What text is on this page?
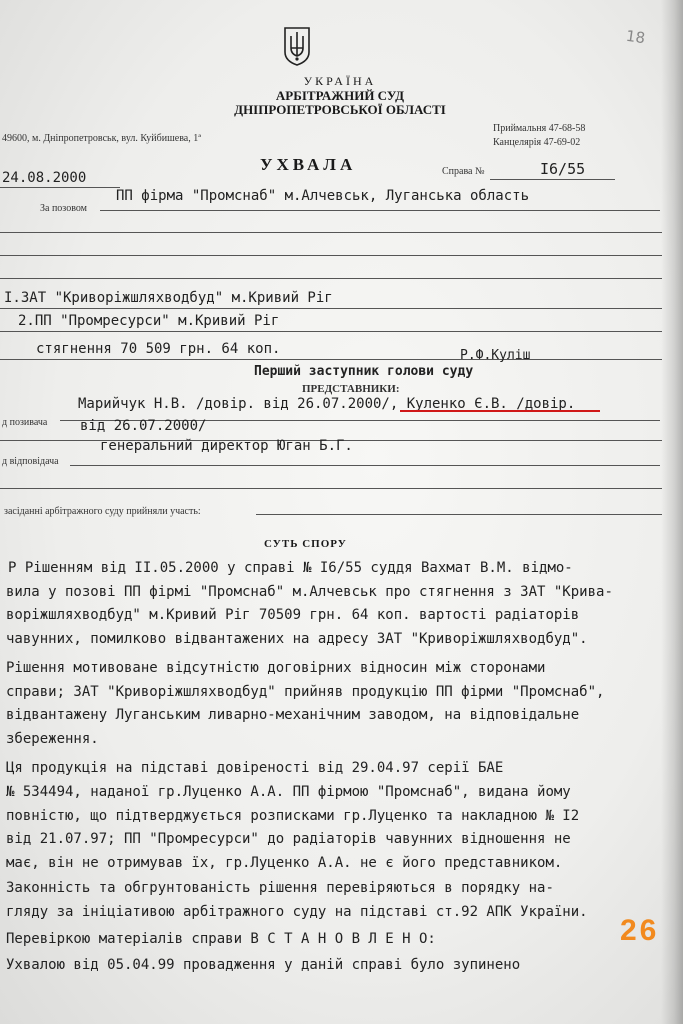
18
УКРАЇНА
АРБІТРАЖНИЙ СУД
ДНІПРОПЕТРОВСЬКОЇ ОБЛАСТІ
49600, м. Дніпропетровськ, вул. Куйбишева, 1ª
Приймальня 47-68-58
Канцелярія 47-69-02
УХВАЛА
24.08.2000	Справа №	I6/55
За позовом
ПП фірма "Промснаб" м.Алчевськ, Луганська область
I.ЗАТ "Криворіжшляхводбуд" м.Кривий Ріг
2.ПП "Промресурси" м.Кривий Ріг
стягнення 70 509 грн. 64 коп.
Перший заступник голови суду
Р.Ф.Куліш
ПРЕДСТАВНИКИ:
д позивача
Марийчук Н.В. /довір. від 26.07.2000/, Куленко Є.В. /довір.
від 26.07.2000/
д відповідача
генеральний директор Юган Б.Г.
засіданні арбітражного суду прийняли участь:
СУТЬ СПОРУ
Р Рішенням від II.05.2000 у справі № I6/55 суддя Вахмат В.М. відмо-
вила у позові ПП фірмі "Промснаб" м.Алчевськ про стягнення з ЗАТ "Крива-
воріжшляхводбуд" м.Кривий Ріг 70509 грн. 64 коп. вартості радіаторів
чавунних, помилково відвантажених на адресу ЗАТ "Криворіжшляхводбуд".
Рішення мотивоване відсутністю договірних відносин між сторонами
справи; ЗАТ "Криворіжшляхводбуд" прийняв продукцію ПП фірми "Промснаб",
відвантажену Луганським ливарно-механічним заводом, на відповідальне
збереження.
Ця продукція на підставі довіреності від 29.04.97 серії БАЕ
№ 534494, наданої гр.Луценко А.А. ПП фірмою "Промснаб", видана йому
повністю, що підтверджується розписками гр.Луценко та накладною № I2
від 21.07.97; ПП "Промресурси" до радіаторів чавунних відношення не
має, він не отримував їх, гр.Луценко А.А. не є його представником.
Законність та обгрунтованість рішення перевіряються в порядку на-
гляду за ініціативою арбітражного суду на підставі ст.92 АПК України.
Перевіркою матеріалів справи В С Т А Н О В Л Е Н О:
Ухвалою від 05.04.99 провадження у даній справі було зупинено
26
